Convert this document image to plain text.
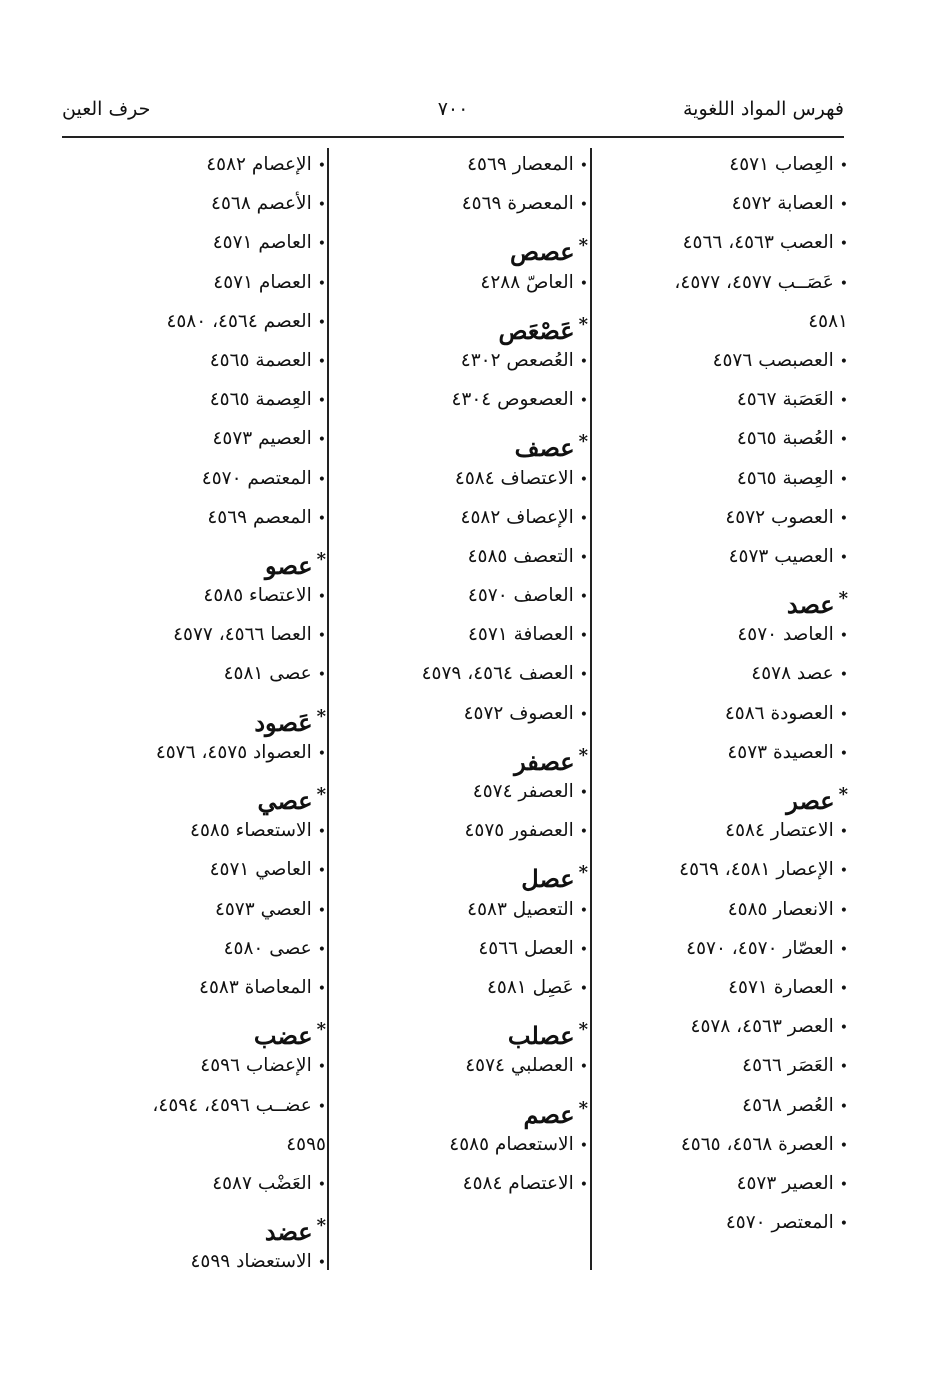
فهرس المواد اللغوية
٧٠٠
حرف العين
•العِصاب ٤٥٧١
•العصابة ٤٥٧٢
•العصب ٤٥٦٣، ٤٥٦٦
•عَصَــب ٤٥٧٧، ٤٥٧٧،
٤٥٨١
•العصبصب ٤٥٧٦
•العَصَبة ٤٥٦٧
•العُصبة ٤٥٦٥
•العِصبة ٤٥٦٥
•العصوب ٤٥٧٢
•العصيب ٤٥٧٣
*عصد
•العاصد ٤٥٧٠
•عصد ٤٥٧٨
•العصودة ٤٥٨٦
•العصيدة ٤٥٧٣
*عصر
•الاعتصار ٤٥٨٤
•الإعصار ٤٥٨١، ٤٥٦٩
•الانعصار ٤٥٨٥
•العصّار ٤٥٧٠، ٤٥٧٠
•العصارة ٤٥٧١
•العصر ٤٥٦٣، ٤٥٧٨
•العَصَر ٤٥٦٦
•العُصر ٤٥٦٨
•العصرة ٤٥٦٨، ٤٥٦٥
•العصير ٤٥٧٣
•المعتصر ٤٥٧٠
•المعصار ٤٥٦٩
•المعصرة ٤٥٦٩
*عصص
•العاصّ ٤٢٨٨
*عَصْعَص
•العُصعص ٤٣٠٢
•العصعوص ٤٣٠٤
*عصف
•الاعتصاف ٤٥٨٤
•الإعصاف ٤٥٨٢
•التعصف ٤٥٨٥
•العاصف ٤٥٧٠
•العصافة ٤٥٧١
•العصف ٤٥٦٤، ٤٥٧٩
•العصوف ٤٥٧٢
*عصفر
•العصفر ٤٥٧٤
•العصفور ٤٥٧٥
*عصل
•التعصيل ٤٥٨٣
•العصل ٤٥٦٦
•عَصِل ٤٥٨١
*عصلب
•العصلبي ٤٥٧٤
*عصم
•الاستعصام ٤٥٨٥
•الاعتصام ٤٥٨٤
•الإعصام ٤٥٨٢
•الأعصم ٤٥٦٨
•العاصم ٤٥٧١
•العصام ٤٥٧١
•العصم ٤٥٦٤، ٤٥٨٠
•العصمة ٤٥٦٥
•العِصمة ٤٥٦٥
•العصيم ٤٥٧٣
•المعتصم ٤٥٧٠
•المعصم ٤٥٦٩
*عصو
•الاعتصاء ٤٥٨٥
•العصا ٤٥٦٦، ٤٥٧٧
•عصى ٤٥٨١
*عَصود
•العصواد ٤٥٧٥، ٤٥٧٦
*عصي
•الاستعصاء ٤٥٨٥
•العاصي ٤٥٧١
•العصي ٤٥٧٣
•عصى ٤٥٨٠
•المعاصاة ٤٥٨٣
*عضب
•الإعضاب ٤٥٩٦
•عضــب ٤٥٩٦، ٤٥٩٤،
٤٥٩٥
•العَضْب ٤٥٨٧
*عضد
•الاستعضاد ٤٥٩٩
